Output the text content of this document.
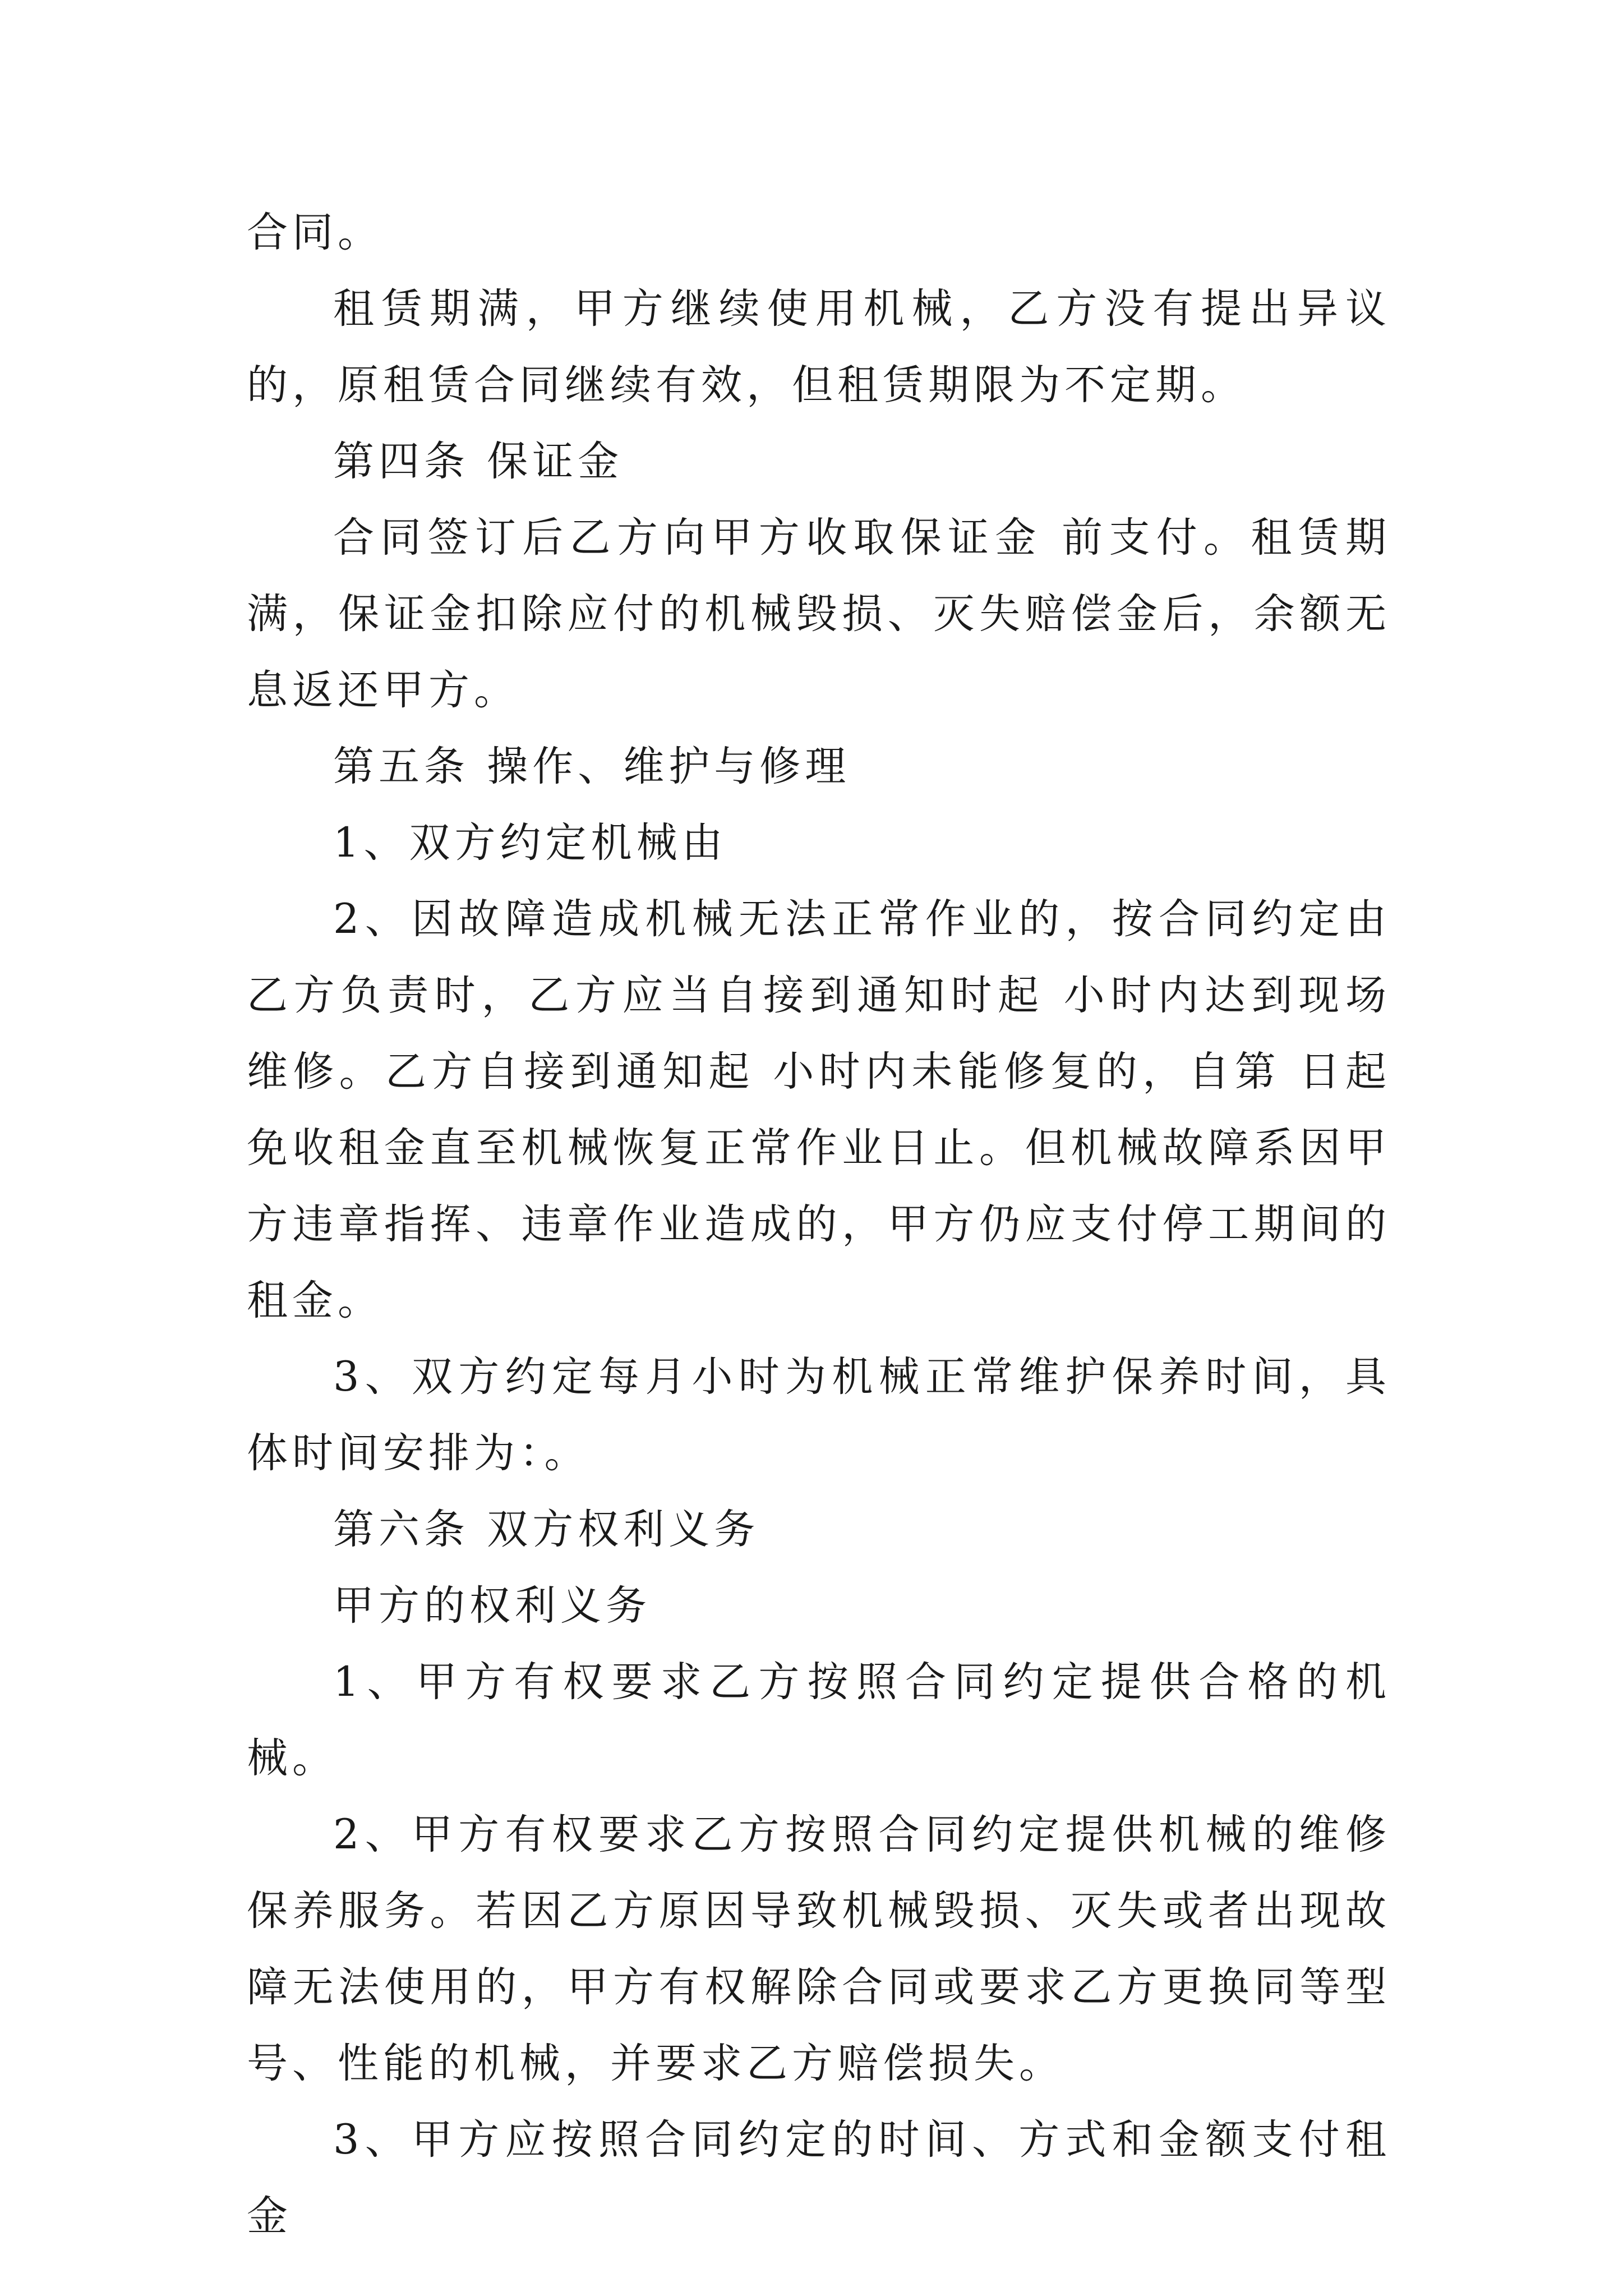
合同。

租赁期满，甲方继续使用机械，乙方没有提出异议的，原租赁合同继续有效，但租赁期限为不定期。

第四条 保证金

合同签订后乙方向甲方收取保证金 前支付。租赁期满，保证金扣除应付的机械毁损、灭失赔偿金后，余额无息返还甲方。

第五条 操作、维护与修理

1、双方约定机械由

2、因故障造成机械无法正常作业的，按合同约定由乙方负责时，乙方应当自接到通知时起 小时内达到现场维修。乙方自接到通知起 小时内未能修复的，自第 日起免收租金直至机械恢复正常作业日止。但机械故障系因甲方违章指挥、违章作业造成的，甲方仍应支付停工期间的租金。

3、双方约定每月小时为机械正常维护保养时间，具体时间安排为：。

第六条 双方权利义务

甲方的权利义务

1、甲方有权要求乙方按照合同约定提供合格的机械。

2、甲方有权要求乙方按照合同约定提供机械的维修保养服务。若因乙方原因导致机械毁损、灭失或者出现故障无法使用的，甲方有权解除合同或要求乙方更换同等型号、性能的机械，并要求乙方赔偿损失。

3、甲方应按照合同约定的时间、方式和金额支付租金
